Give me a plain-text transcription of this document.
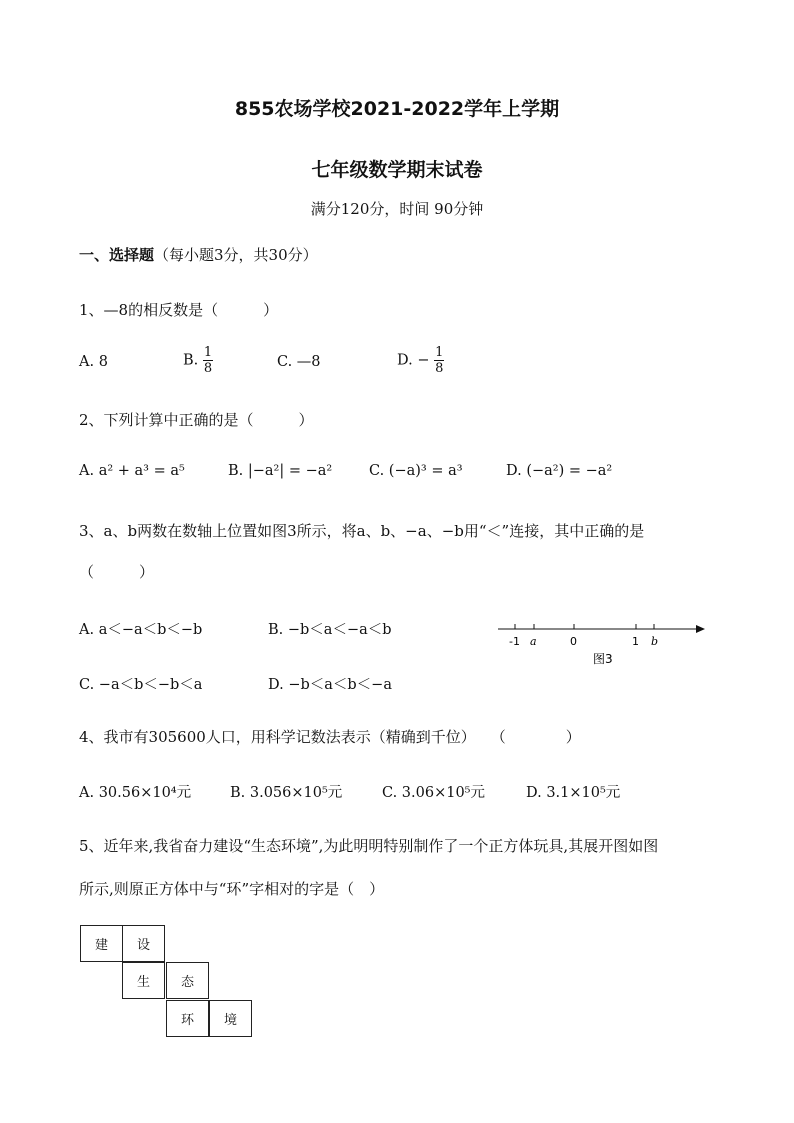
855农场学校2021-2022学年上学期
七年级数学期末试卷
满分120分，时间 90分钟
一、选择题（每小题3分，共30分）
1、—8的相反数是（　　　）
A. 8	B. $\frac{1}{8}$	C. —8	D. − $\frac{1}{8}$
2、下列计算中正确的是（　　　）
A. a² + a³ = a⁵	B. |−a²| = −a²	C. (−a)³ = a³	D. (−a²) = −a²
3、a、b两数在数轴上位置如图3所示，将a、b、−a、−b用“＜”连接，其中正确的是
（　　　）
A. a＜−a＜b＜−b	B. −b＜a＜−a＜b
C. −a＜b＜−b＜a	D. −b＜a＜b＜−a
-1 a	0	1 b
图3
4、我市有305600人口，用科学记数法表示（精确到千位）　　（　　　　）
A. 30.56×10⁴元	B. 3.056×10⁵元	C. 3.06×10⁵元	D. 3.1×10⁵元
5、近年来,我省奋力建设“生态环境”,为此明明特别制作了一个正方体玩具,其展开图如图
所示,则原正方体中与“环”字相对的字是（　）
建	设
生	态
环	境
